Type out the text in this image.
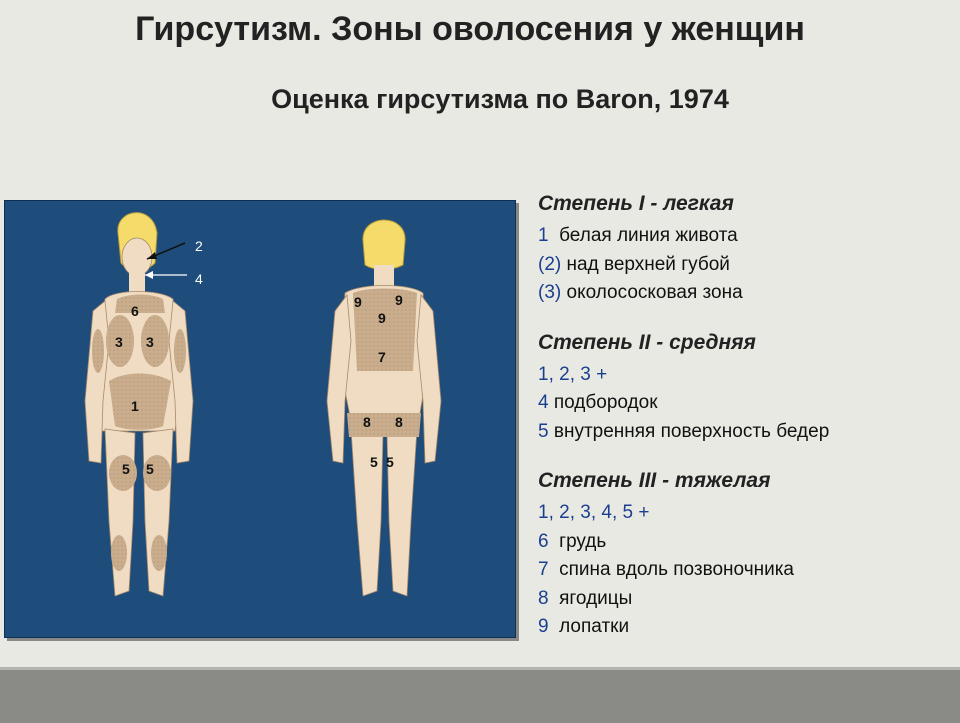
Гирсутизм. Зоны оволосения у женщин
Оценка гирсутизма по Baron, 1974
6
3 3
1
5 5
2
4
9 9
9
7
8 8
5 5
Степень I - легкая
1  белая линия живота
(2) над верхней губой
(3) околососковая зона
Степень II - средняя
1, 2, 3 +
4 подбородок
5 внутренняя поверхность бедер
Степень III - тяжелая
1, 2, 3, 4, 5 +
6  грудь
7  спина вдоль позвоночника
8  ягодицы
9  лопатки
